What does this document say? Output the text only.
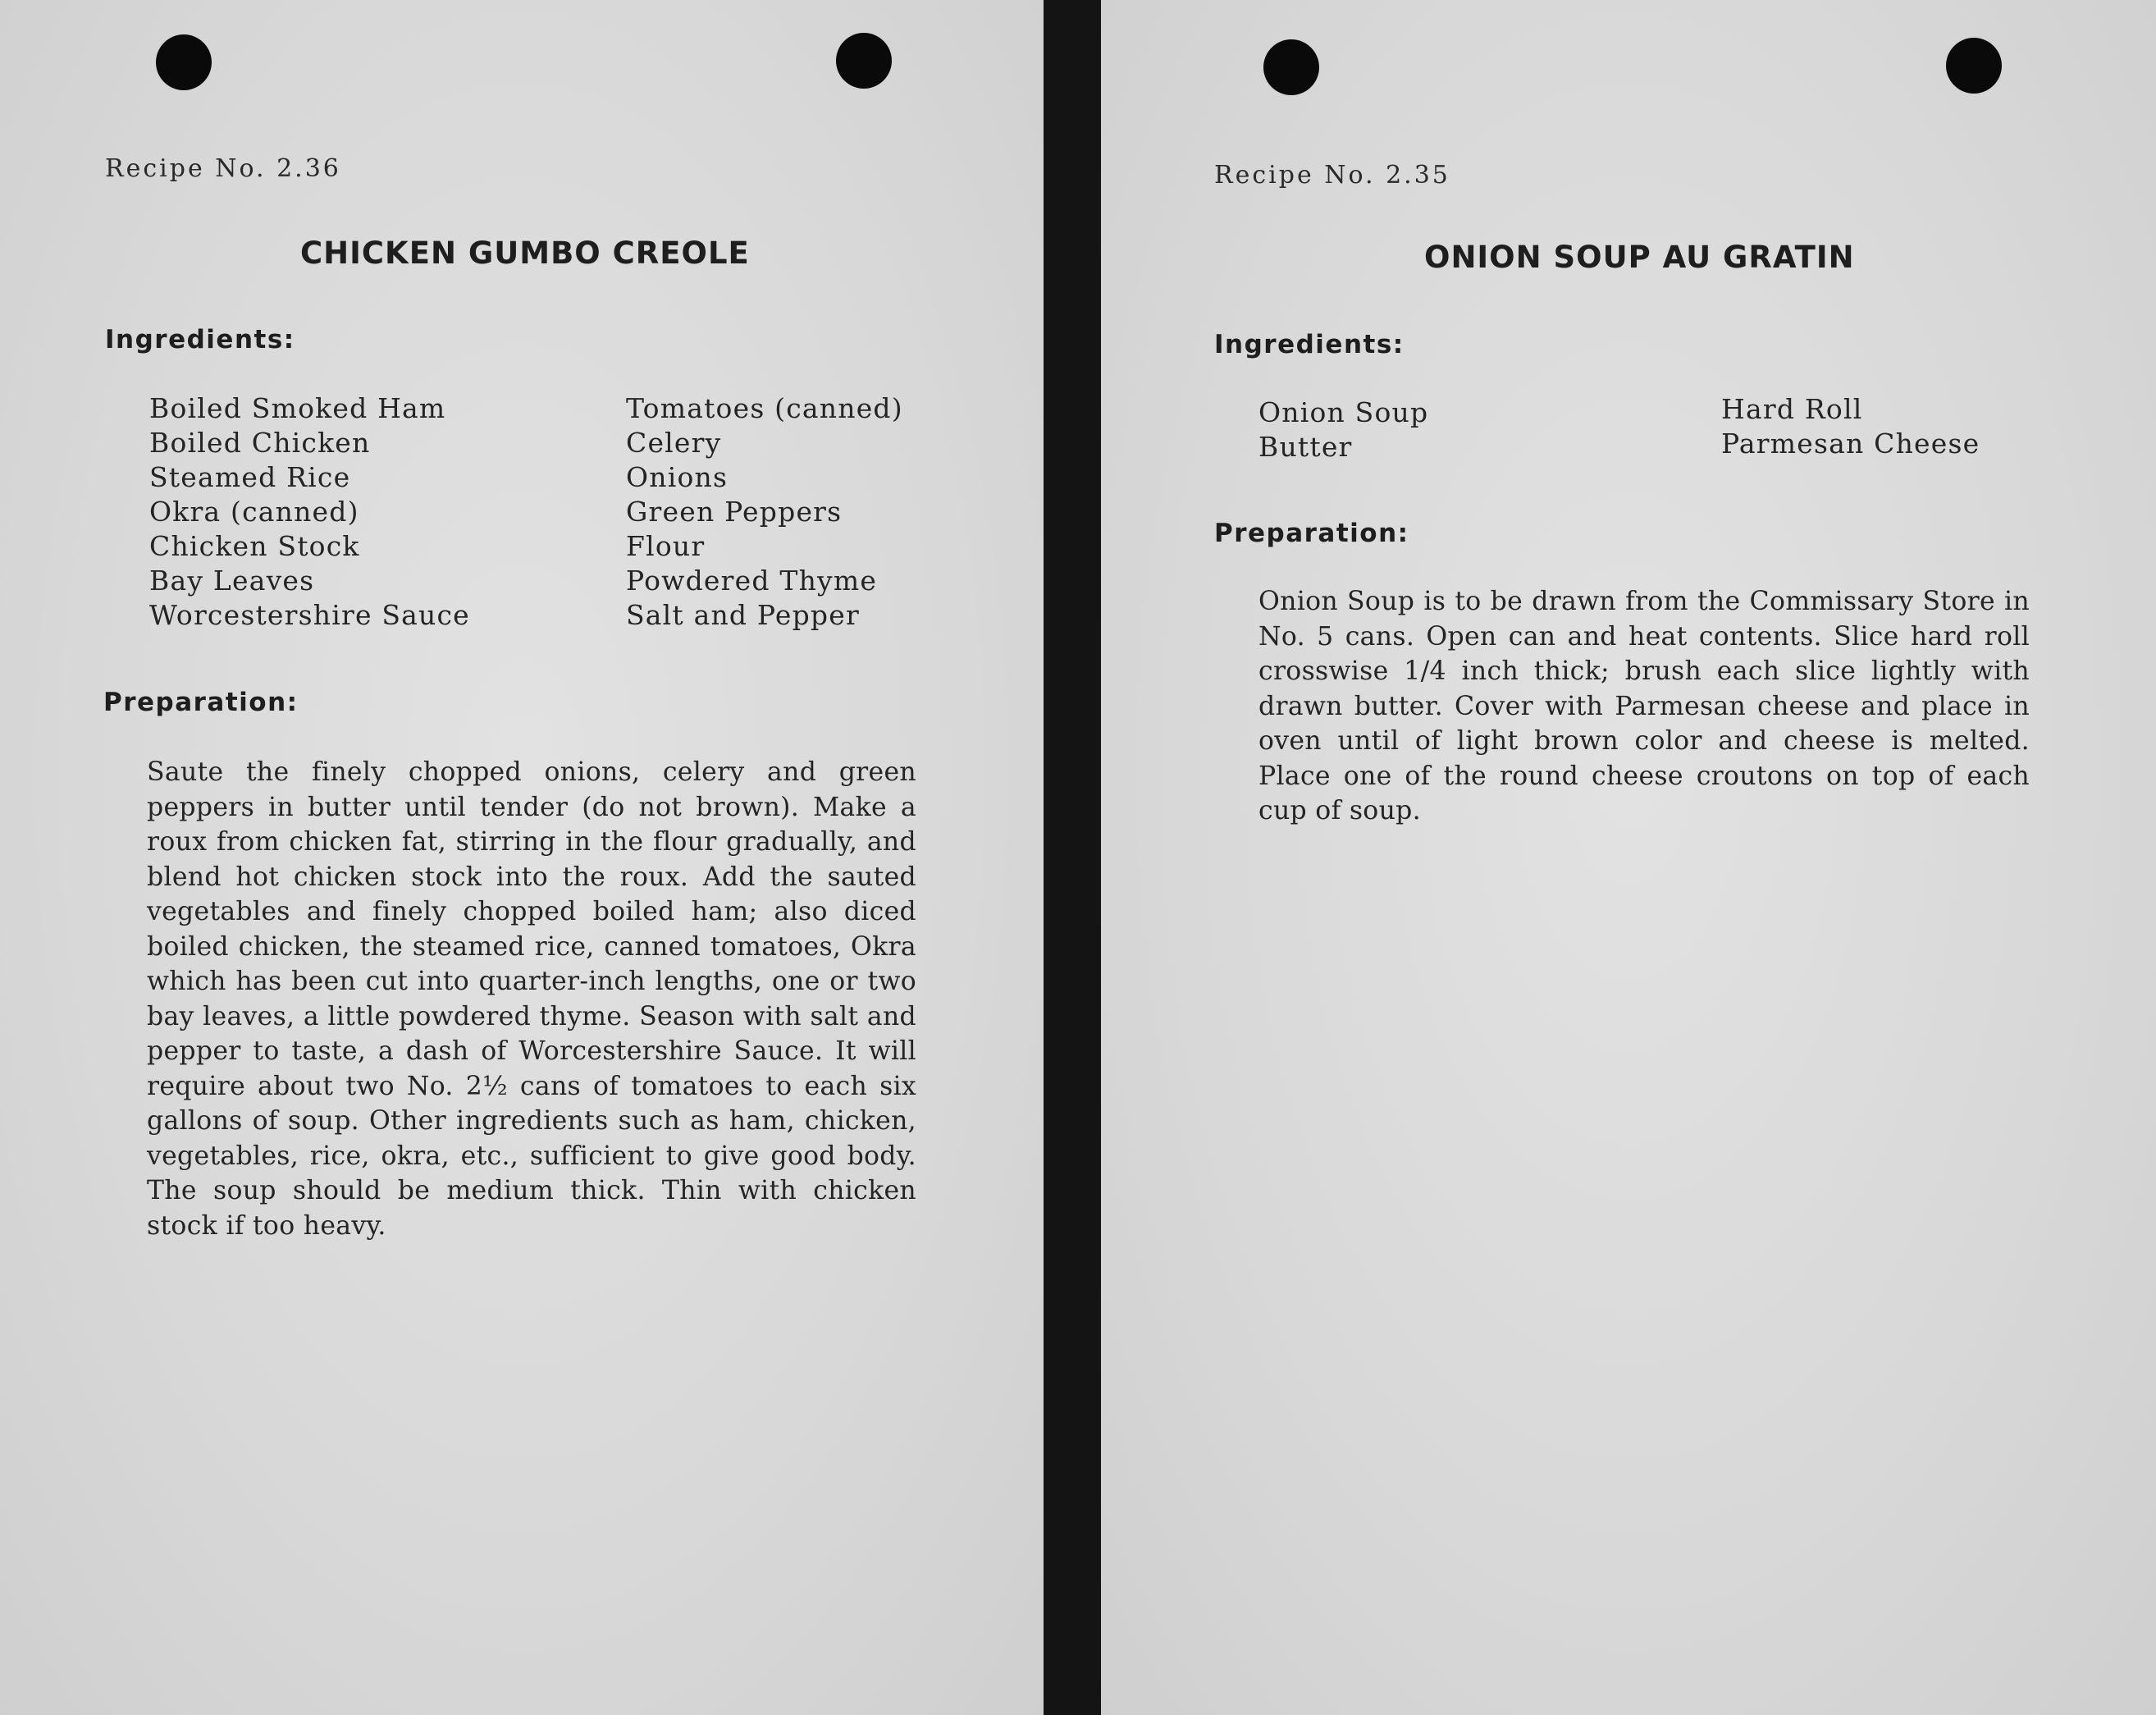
Recipe No. 2.36
CHICKEN GUMBO CREOLE
Ingredients:
Boiled Smoked Ham
Boiled Chicken
Steamed Rice
Okra (canned)
Chicken Stock
Bay Leaves
Worcestershire Sauce
Tomatoes (canned)
Celery
Onions
Green Peppers
Flour
Powdered Thyme
Salt and Pepper
Preparation:

Saute the finely chopped onions, celery and green peppers in butter until tender (do not brown). Make a roux from chicken fat, stirring in the flour gradually, and blend hot chicken stock into the roux. Add the sauted vegetables and finely chopped boiled ham; also diced boiled chicken, the steamed rice, canned tomatoes, Okra which has been cut into quarter-inch lengths, one or two bay leaves, a little powdered thyme. Season with salt and pepper to taste, a dash of Worcestershire Sauce. It will require about two No. 2½ cans of tomatoes to each six gallons of soup. Other ingredients such as ham, chicken, vegetables, rice, okra, etc., sufficient to give good body. The soup should be medium thick. Thin with chicken stock if too heavy.

Recipe No. 2.35
ONION SOUP AU GRATIN
Ingredients:
Onion Soup
Butter
Hard Roll
Parmesan Cheese
Preparation:

Onion Soup is to be drawn from the Commissary Store in No. 5 cans. Open can and heat contents. Slice hard roll crosswise 1/4 inch thick; brush each slice lightly with drawn butter. Cover with Parmesan cheese and place in oven until of light brown color and cheese is melted. Place one of the round cheese croutons on top of each cup of soup.
